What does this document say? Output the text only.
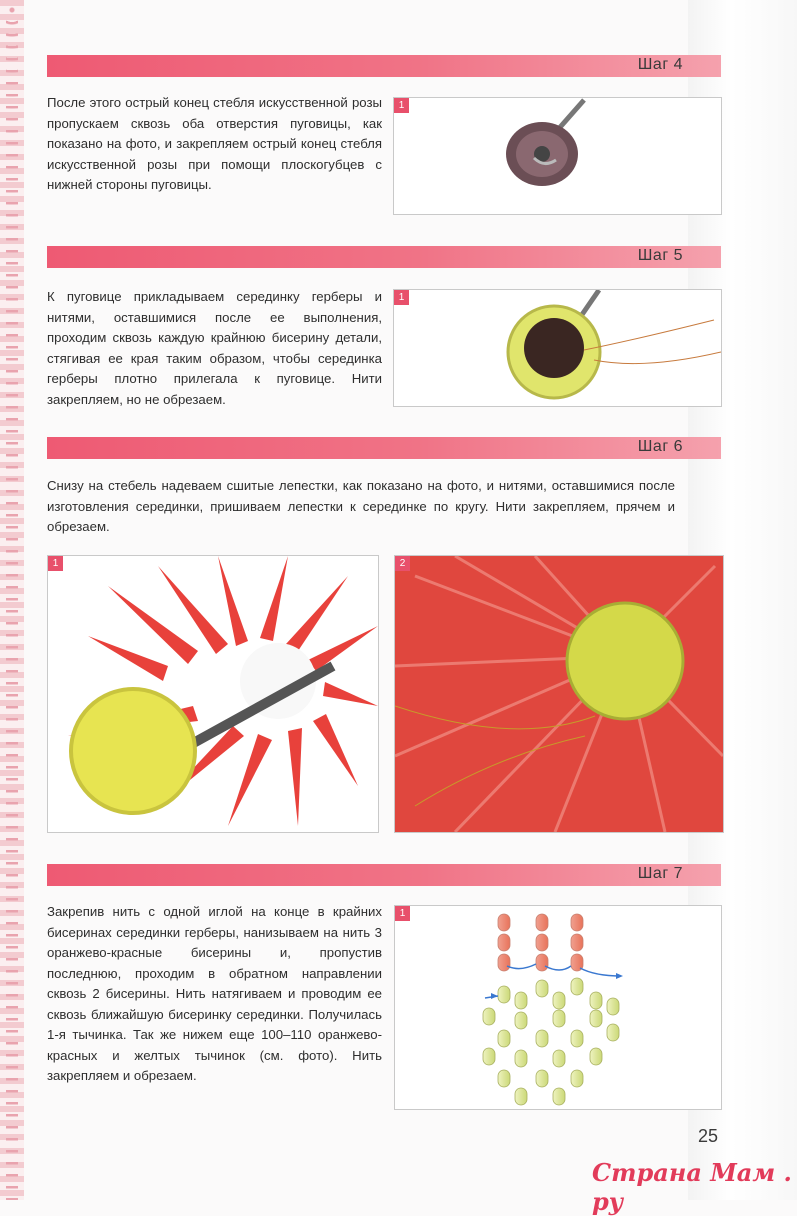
Шаг 4
После этого острый конец стебля искусственной розы пропускаем сквозь оба отверстия пуговицы, как показано на фото, и закрепляем острый конец стебля искусственной розы при помощи плоскогубцев с нижней стороны пуговицы.
1
Шаг 5
К пуговице прикладываем серединку герберы и нитями, оставшимися после ее выполнения, проходим сквозь каждую крайнюю бисерину детали, стягивая ее края таким образом, чтобы серединка герберы плотно прилегала к пуговице. Нити закрепляем, но не обрезаем.
1
Шаг 6
Снизу на стебель надеваем сшитые лепестки, как показано на фото, и нитями, оставшимися после изготовления серединки, пришиваем лепестки к серединке по кругу. Нити закрепляем, прячем и обрезаем.
1	2
Шаг 7
Закрепив нить с одной иглой на конце в крайних бисеринах серединки герберы, нанизываем на нить 3 оранжево-красные бисерины и, пропустив последнюю, проходим в обратном направлении сквозь 2 бисерины. Нить натягиваем и проводим ее сквозь ближайшую бисеринку серединки. Получилась 1-я тычинка. Так же нижем еще 100–110 оранжево-красных и желтых тычинок (см. фото). Нить закрепляем и обрезаем.
1
25
Страна Мам . ру
